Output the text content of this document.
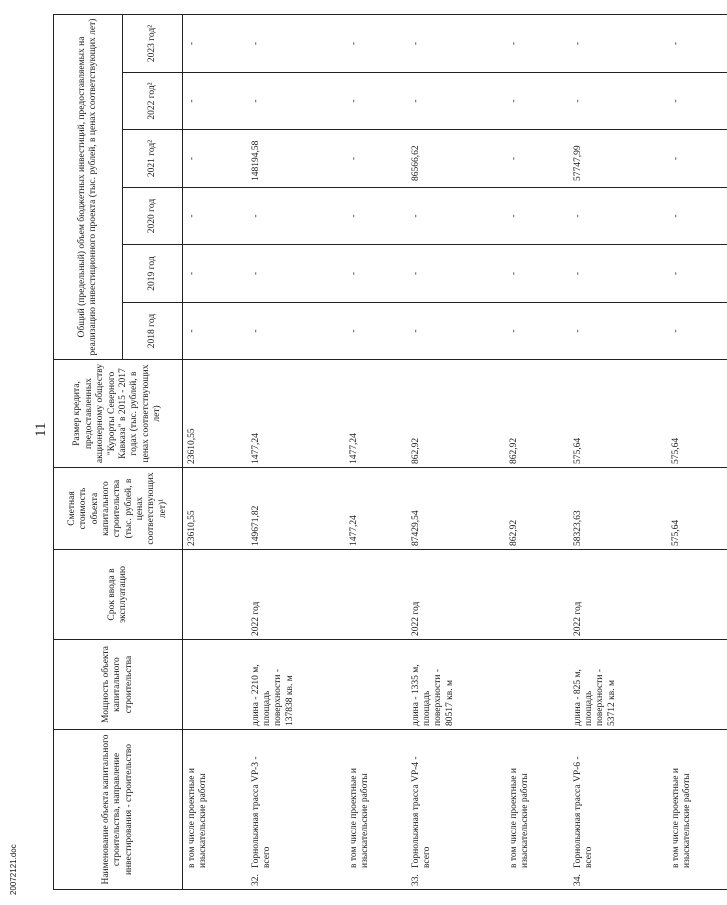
11
Наименование объекта капитального строительства, направление инвестирования - строительство	Мощность объекта капитального строительства	Срок ввода в эксплуатацию	Сметная стоимость объекта капитального строительства (тыс. рублей, в ценах соответствующих лет)¹	Размер кредита, предоставленных акционерному обществу "Курорты Северного Кавказа" в 2015 - 2017 годах (тыс. рублей, в ценах соответствующих лет)	Общий (предельный) объем бюджетных инвестиций, предоставляемых на реализацию инвестиционного проекта (тыс. рублей, в ценах соответствующих лет)					
					2018 год	2019 год	2020 год	2021 год²	2022 год²	2023 год²

в том числе проектные и изыскательские работы			23610,55	23610,55	-	-	-	-	-	-

32.
Горнолыжная трасса VP-3 - всего	длина - 2210 м, площадь поверхности - 137838 кв. м	2022 год	149671,82	1477,24	-	-	-	148194,58	-	-

в том числе проектные и изыскательские работы			1477,24	1477,24	-	-	-	-	-	-

33.
Горнолыжная трасса VP-4 - всего	длина - 1335 м, площадь поверхности - 80517 кв. м	2022 год	87429,54	862,92	-	-	-	86566,62	-	-

в том числе проектные и изыскательские работы			862,92	862,92	-	-	-	-	-	-

34.
Горнолыжная трасса VP-6 - всего	длина - 825 м, площадь поверхности - 53712 кв. м	2022 год	58323,63	575,64	-	-	-	57747,99	-	-

в том числе проектные и изыскательские работы			575,64	575,64	-	-	-	-	-	-
20072121.doc
